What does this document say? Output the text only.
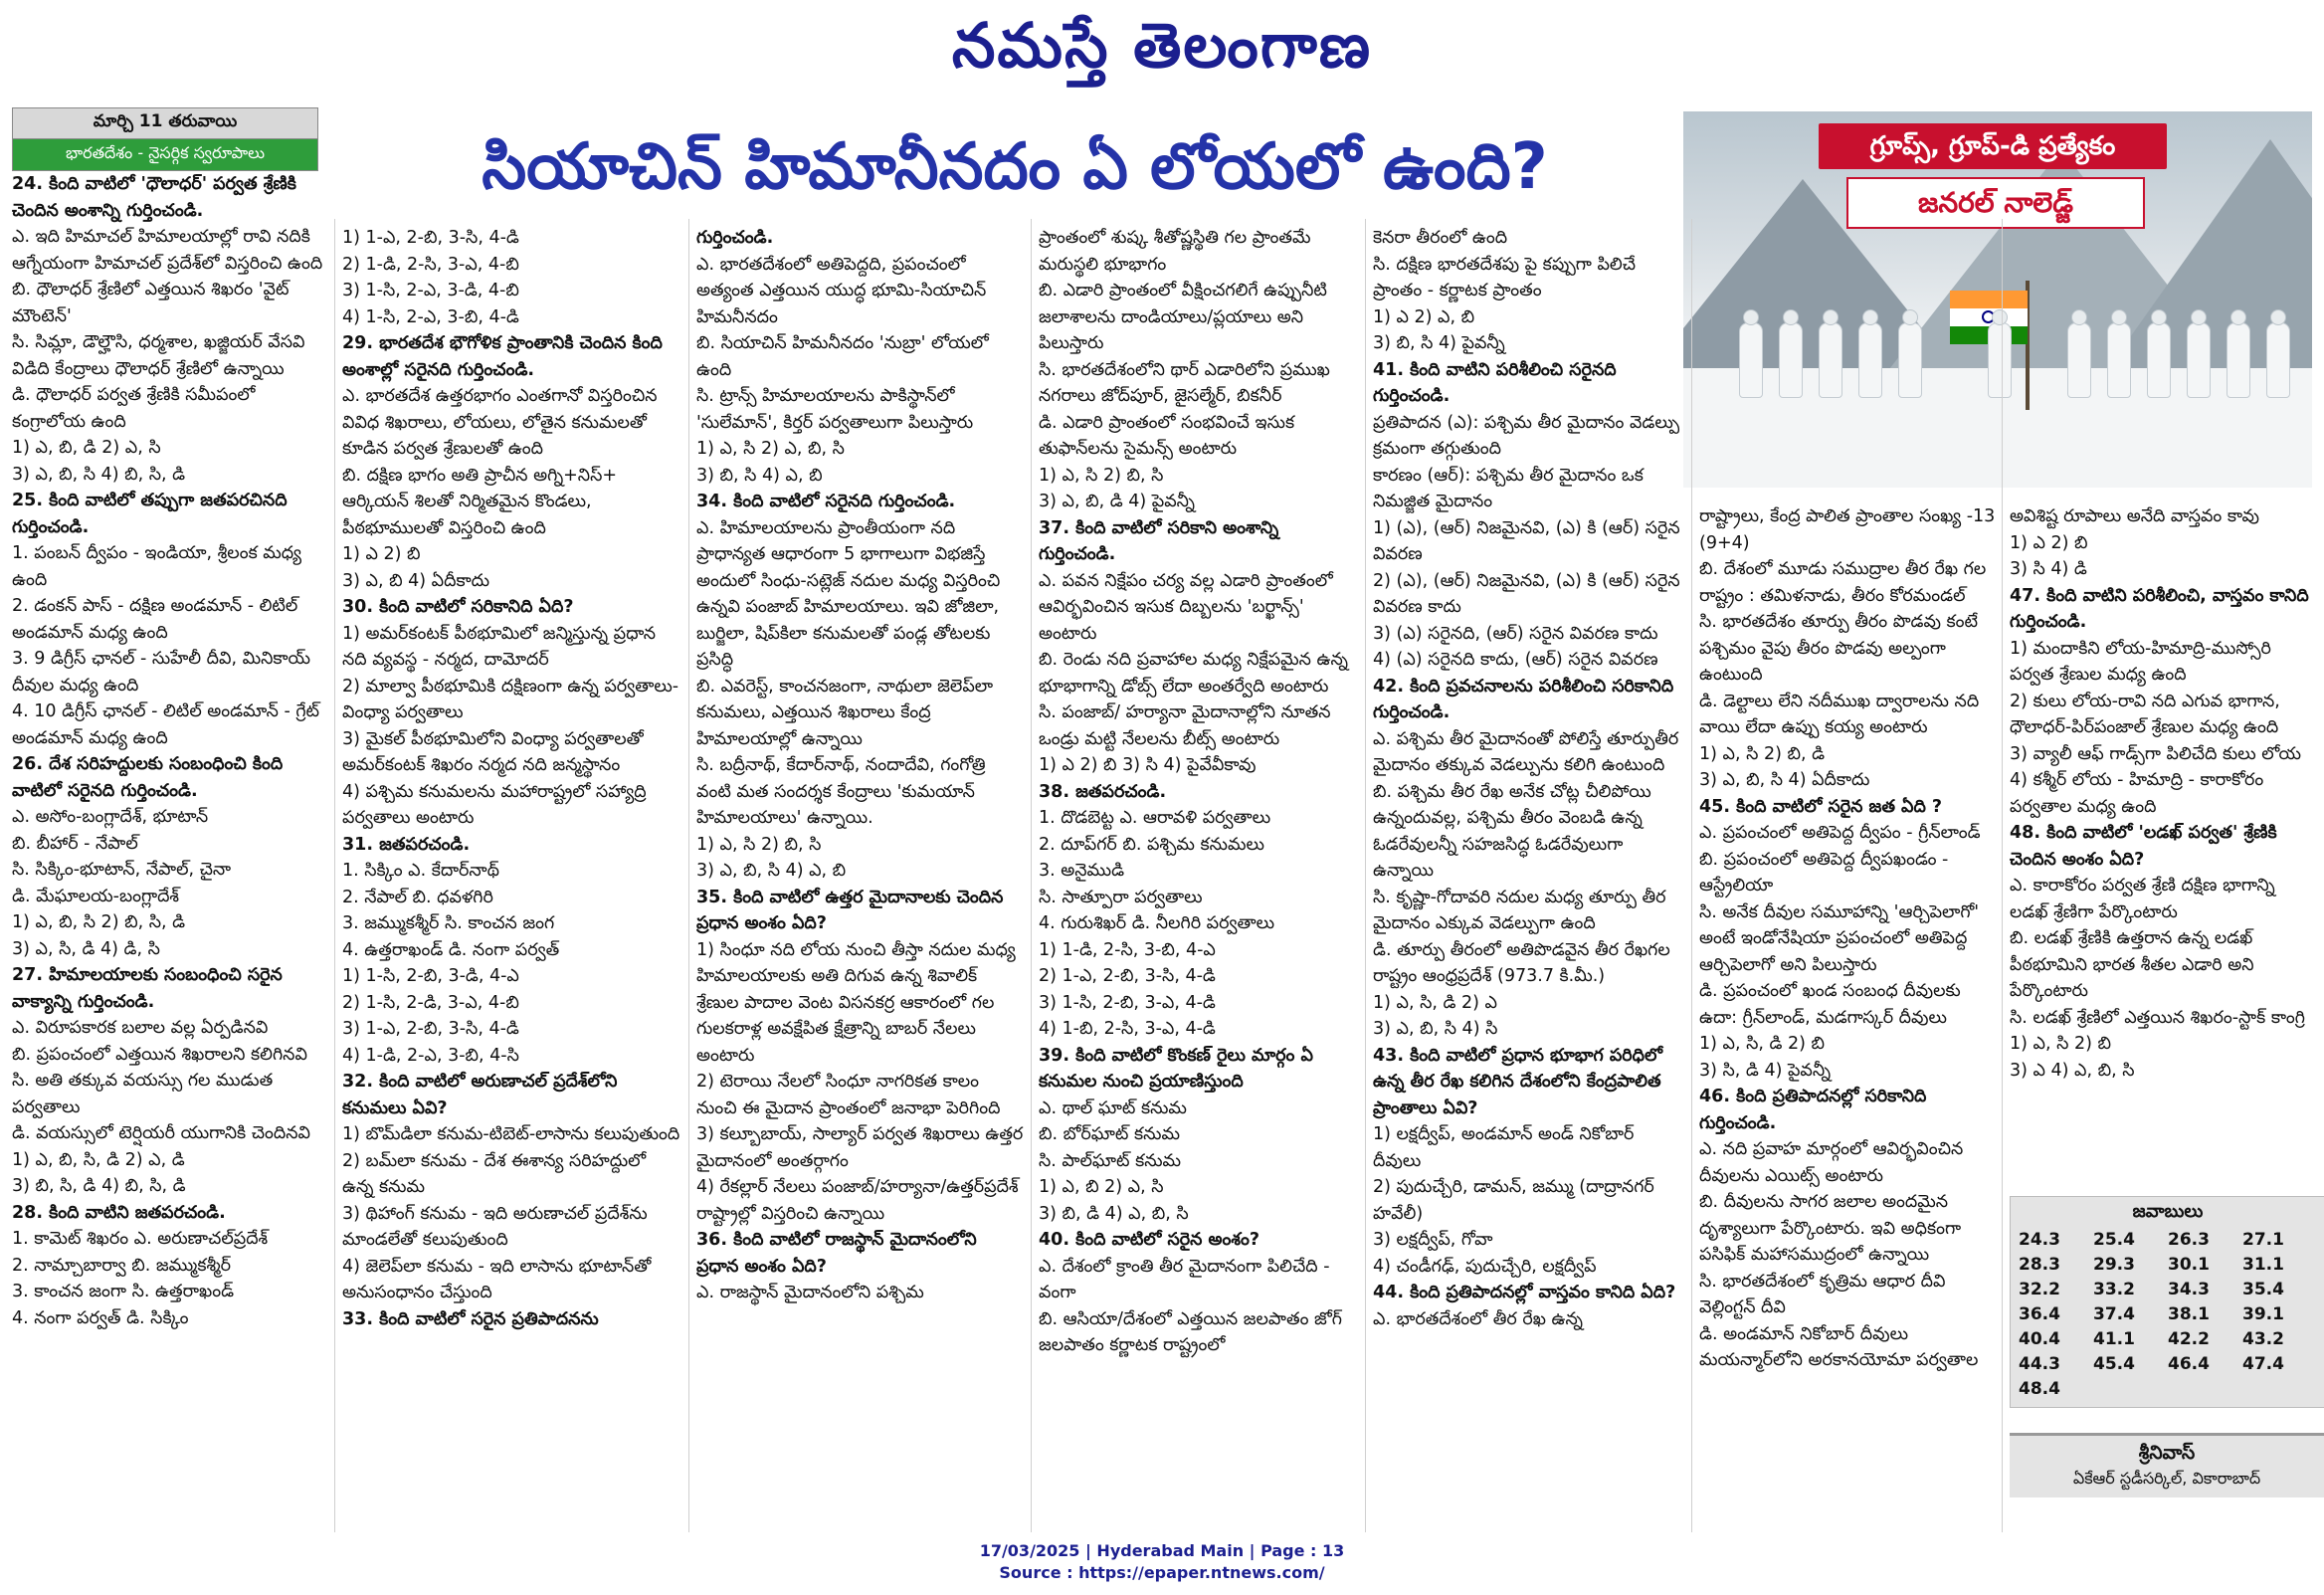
నమస్తే తెలంగాణ
మార్చి 11 తరువాయి
భారతదేశం - నైసర్గిక స్వరూపాలు	సియాచిన్ హిమానీనదం ఏ లోయలో ఉంది?	గ్రూప్స్, గ్రూప్-డి ప్రత్యేకం
జనరల్ నాలెడ్జ్

24. కింది వాటిలో 'ధౌలాధర్' పర్వత శ్రేణికి చెందిన అంశాన్ని గుర్తించండి.

ఎ. ఇది హిమాచల్ హిమాలయాల్లో రావి నదికి ఆగ్నేయంగా హిమాచల్ ప్రదేశ్‌లో విస్తరించి ఉంది

బి. ధౌలాధర్ శ్రేణిలో ఎత్తయిన శిఖరం 'వైట్ మౌంటెన్'

సి. సిమ్లా, డౌల్హౌసి, ధర్మశాల, ఖజ్జియర్ వేసవి విడిది కేంద్రాలు ధౌలాధర్ శ్రేణిలో ఉన్నాయి

డి. ధౌలాధర్ పర్వత శ్రేణికి సమీపంలో కంగ్రాలోయ ఉంది

1) ఎ, బి, డి 2) ఎ, సి

3) ఎ, బి, సి 4) బి, సి, డి

25. కింది వాటిలో తప్పుగా జతపరచినది గుర్తించండి.

1. పంబన్ ద్వీపం - ఇండియా, శ్రీలంక మధ్య ఉంది

2. డంకన్ పాస్ - దక్షిణ అండమాన్ - లిటిల్ అండమాన్ మధ్య ఉంది

3. 9 డిగ్రీస్ ఛానల్ - సుహేలీ దీవి, మినికాయ్ దీవుల మధ్య ఉంది

4. 10 డిగ్రీస్ ఛానల్ - లిటిల్ అండమాన్ - గ్రేట్ అండమాన్ మధ్య ఉంది

26. దేశ సరిహద్దులకు సంబంధించి కింది వాటిలో సరైనది గుర్తించండి.

ఎ. అసోం-బంగ్లాదేశ్, భూటాన్

బి. బీహార్ - నేపాల్

సి. సిక్కిం-భూటాన్, నేపాల్, చైనా

డి. మేఘాలయ-బంగ్లాదేశ్

1) ఎ, బి, సి 2) బి, సి, డి

3) ఎ, సి, డి 4) డి, సి

27. హిమాలయాలకు సంబంధించి సరైన వాక్యాన్ని గుర్తించండి.

ఎ. విరూపకారక బలాల వల్ల ఏర్పడినవి

బి. ప్రపంచంలో ఎత్తయిన శిఖరాలని కలిగినవి

సి. అతి తక్కువ వయస్సు గల ముడుత పర్వతాలు

డి. వయస్సులో టెర్షియరీ యుగానికి చెందినవి

1) ఎ, బి, సి, డి 2) ఎ, డి

3) బి, సి, డి 4) బి, సి, డి

28. కింది వాటిని జతపరచండి.

1. కామెట్ శిఖరం ఎ. అరుణాచల్‌ప్రదేశ్

2. నామ్చాబార్వా బి. జమ్ముకశ్మీర్

3. కాంచన జంగా సి. ఉత్తరాఖండ్

4. నంగా పర్వత్ డి. సిక్కిం

1) 1-ఎ, 2-బి, 3-సి, 4-డి

2) 1-డి, 2-సి, 3-ఎ, 4-బి

3) 1-సి, 2-ఎ, 3-డి, 4-బి

4) 1-సి, 2-ఎ, 3-బి, 4-డి

29. భారతదేశ భౌగోళిక ప్రాంతానికి చెందిన కింది అంశాల్లో సరైనది గుర్తించండి.

ఎ. భారతదేశ ఉత్తరభాగం ఎంతగానో విస్తరించిన వివిధ శిఖరాలు, లోయలు, లోతైన కనుమలతో కూడిన పర్వత శ్రేణులతో ఉంది

బి. దక్షిణ భాగం అతి ప్రాచీన అగ్ని+నిస్+ ఆర్కియన్ శిలతో నిర్మితమైన కొండలు, పీఠభూములతో విస్తరించి ఉంది

1) ఎ 2) బి

3) ఎ, బి 4) ఏదీకాదు

30. కింది వాటిలో సరికానిది ఏది?

1) అమర్‌కంటక్ పీఠభూమిలో జన్మిస్తున్న ప్రధాన నది వ్యవస్థ - నర్మద, దామోదర్

2) మాల్వా పీఠభూమికి దక్షిణంగా ఉన్న పర్వతాలు- వింధ్యా పర్వతాలు

3) మైకల్ పీఠభూమిలోని వింధ్యా పర్వతాలతో అమర్‌కంటక్ శిఖరం నర్మద నది జన్మస్థానం

4) పశ్చిమ కనుమలను మహారాష్ట్రలో సహ్యాద్రి పర్వతాలు అంటారు

31. జతపరచండి.

1. సిక్కిం ఎ. కేదార్‌నాథ్

2. నేపాల్ బి. ధవళగిరి

3. జమ్ముకశ్మీర్ సి. కాంచన జంగ

4. ఉత్తరాఖండ్ డి. నంగా పర్వత్

1) 1-సి, 2-బి, 3-డి, 4-ఎ

2) 1-సి, 2-డి, 3-ఎ, 4-బి

3) 1-ఎ, 2-బి, 3-సి, 4-డి

4) 1-డి, 2-ఎ, 3-బి, 4-సి

32. కింది వాటిలో అరుణాచల్ ప్రదేశ్‌లోని కనుమలు ఏవి?

1) బొమ్‌డిలా కనుమ-టిబెట్-లాసాను కలుపుతుంది

2) బమ్‌లా కనుమ - దేశ ఈశాన్య సరిహద్దులో ఉన్న కనుమ

3) థిహాంగ్ కనుమ - ఇది అరుణాచల్ ప్రదేశ్‌ను మాండలేతో కలుపుతుంది

4) జెలెప్‌లా కనుమ - ఇది లాసాను భూటాన్‌తో అనుసంధానం చేస్తుంది

33. కింది వాటిలో సరైన ప్రతిపాదనను

గుర్తించండి.

ఎ. భారతదేశంలో అతిపెద్దది, ప్రపంచంలో అత్యంత ఎత్తయిన యుద్ధ భూమి-సియాచిన్ హిమనీనదం

బి. సియాచిన్ హిమనీనదం 'నుబ్రా' లోయలో ఉంది

సి. ట్రాన్స్ హిమాలయాలను పాకిస్థాన్‌లో 'సులేమాన్', కిర్తర్ పర్వతాలుగా పిలుస్తారు

1) ఎ, సి 2) ఎ, బి, సి

3) బి, సి 4) ఎ, బి

34. కింది వాటిలో సరైనది గుర్తించండి.

ఎ. హిమాలయాలను ప్రాంతీయంగా నది ప్రాధాన్యత ఆధారంగా 5 భాగాలుగా విభజిస్తే అందులో సింధు-సట్లెజ్ నదుల మధ్య విస్తరించి ఉన్నవి పంజాబ్ హిమాలయాలు. ఇవి జోజిలా, బుర్జిలా, షిప్‌కిలా కనుమలతో పండ్ల తోటలకు ప్రసిద్ధి

బి. ఎవరెస్ట్, కాంచనజంగా, నాథులా జెలెప్‌లా కనుమలు, ఎత్తయిన శిఖరాలు కేంద్ర హిమాలయాల్లో ఉన్నాయి

సి. బద్రీనాథ్, కేదార్‌నాథ్, నందాదేవి, గంగోత్రి వంటి మత సందర్శక కేంద్రాలు 'కుమయాన్ హిమాలయాలు' ఉన్నాయి.

1) ఎ, సి 2) బి, సి

3) ఎ, బి, సి 4) ఎ, బి

35. కింది వాటిలో ఉత్తర మైదానాలకు చెందిన ప్రధాన అంశం ఏది?

1) సింధూ నది లోయ నుంచి తీస్తా నదుల మధ్య హిమాలయాలకు అతి దిగువ ఉన్న శివాలిక్ శ్రేణుల పాదాల వెంట విసనకర్ర ఆకారంలో గల గులకరాళ్ల అవక్షేపిత క్షేత్రాన్ని బాబర్ నేలలు అంటారు

2) టెరాయి నేలలో సింధూ నాగరికత కాలం నుంచి ఈ మైదాన ప్రాంతంలో జనాభా పెరిగింది

3) కల్బూబాయ్, సాల్యార్ పర్వత శిఖరాలు ఉత్తర మైదానంలో అంతర్గాగం

4) రేకల్లార్ నేలలు పంజాబ్/హర్యానా/ఉత్తర్‌ప్రదేశ్ రాష్ట్రాల్లో విస్తరించి ఉన్నాయి

36. కింది వాటిలో రాజస్థాన్ మైదానంలోని ప్రధాన అంశం ఏది?

ఎ. రాజస్థాన్ మైదానంలోని పశ్చిమ

ప్రాంతంలో శుష్క శీతోష్ణస్థితి గల ప్రాంతమే మరుస్థలి భూభాగం

బి. ఎడారి ప్రాంతంలో వీక్షించగలిగే ఉప్పునీటి జలాశాలను దాండియాలు/ప్లయాలు అని పిలుస్తారు

సి. భారతదేశంలోని థార్ ఎడారిలోని ప్రముఖ నగరాలు జోద్‌పూర్, జైసల్మేర్, బికనీర్

డి. ఎడారి ప్రాంతంలో సంభవించే ఇసుక తుఫాన్‌లను సైమన్స్ అంటారు

1) ఎ, సి 2) బి, సి

3) ఎ, బి, డి 4) పైవన్నీ

37. కింది వాటిలో సరికాని అంశాన్ని గుర్తించండి.

ఎ. పవన నిక్షేపం చర్య వల్ల ఎడారి ప్రాంతంలో ఆవిర్భవించిన ఇసుక దిబ్బలను 'బర్ఖాన్స్' అంటారు

బి. రెండు నది ప్రవాహాల మధ్య నిక్షేపమైన ఉన్న భూభాగాన్ని డోబ్స్ లేదా అంతర్వేది అంటారు

సి. పంజాబ్/ హర్యానా మైదానాల్లోని నూతన ఒండ్రు మట్టి నేలలను బీట్స్ అంటారు

1) ఎ 2) బి 3) సి 4) పైవేవీకావు

38. జతపరచండి.

1. దొడబెట్ట ఎ. ఆరావళి పర్వతాలు

2. దూప్‌గర్ బి. పశ్చిమ కనుమలు

3. అనైముడి

సి. సాత్పూరా పర్వతాలు

4. గురుశిఖర్ డి. నీలగిరి పర్వతాలు

1) 1-డి, 2-సి, 3-బి, 4-ఎ

2) 1-ఎ, 2-బి, 3-సి, 4-డి

3) 1-సి, 2-బి, 3-ఎ, 4-డి

4) 1-బి, 2-సి, 3-ఎ, 4-డి

39. కింది వాటిలో కొంకణ్ రైలు మార్గం ఏ కనుమల నుంచి ప్రయాణిస్తుంది

ఎ. థాల్ ఘాట్ కనుమ

బి. బోర్‌ఘాట్ కనుమ

సి. పాల్‌ఘాట్ కనుమ

1) ఎ, బి 2) ఎ, సి

3) బి, డి 4) ఎ, బి, సి

40. కింది వాటిలో సరైన అంశం?

ఎ. దేశంలో క్రాంతి తీర మైదానంగా పిలిచేది - వంగా

బి. ఆసియా/దేశంలో ఎత్తయిన జలపాతం జోగ్ జలపాతం కర్ణాటక రాష్ట్రంలో

కెనరా తీరంలో ఉంది

సి. దక్షిణ భారతదేశపు పై కప్పుగా పిలిచే ప్రాంతం - కర్ణాటక ప్రాంతం

1) ఎ 2) ఎ, బి

3) బి, సి 4) పైవన్నీ

41. కింది వాటిని పరిశీలించి సరైనది గుర్తించండి.

ప్రతిపాదన (ఎ): పశ్చిమ తీర మైదానం వెడల్పు క్రమంగా తగ్గుతుంది

కారణం (ఆర్): పశ్చిమ తీర మైదానం ఒక నిమజ్జిత మైదానం

1) (ఎ), (ఆర్) నిజమైనవి, (ఎ) కి (ఆర్) సరైన వివరణ

2) (ఎ), (ఆర్) నిజమైనవి, (ఎ) కి (ఆర్) సరైన వివరణ కాదు

3) (ఎ) సరైనది, (ఆర్) సరైన వివరణ కాదు

4) (ఎ) సరైనది కాదు, (ఆర్) సరైన వివరణ

42. కింది ప్రవచనాలను పరిశీలించి సరికానిది గుర్తించండి.

ఎ. పశ్చిమ తీర మైదానంతో పోలిస్తే తూర్పుతీర మైదానం తక్కువ వెడల్పును కలిగి ఉంటుంది

బి. పశ్చిమ తీర రేఖ అనేక చోట్ల చీలిపోయి ఉన్నందువల్ల, పశ్చిమ తీరం వెంబడి ఉన్న ఓడరేవులన్నీ సహజసిద్ధ ఓడరేవులుగా ఉన్నాయి

సి. కృష్ణా-గోదావరి నదుల మధ్య తూర్పు తీర మైదానం ఎక్కువ వెడల్పుగా ఉంది

డి. తూర్పు తీరంలో అతిపొడవైన తీర రేఖగల రాష్ట్రం ఆంధ్రప్రదేశ్ (973.7 కి.మీ.)

1) ఎ, సి, డి 2) ఎ

3) ఎ, బి, సి 4) సి

43. కింది వాటిలో ప్రధాన భూభాగ పరిధిలో ఉన్న తీర రేఖ కలిగిన దేశంలోని కేంద్రపాలిత ప్రాంతాలు ఏవి?

1) లక్షద్వీప్, అండమాన్ అండ్ నికోబార్ దీవులు

2) పుదుచ్చేరి, డామన్, జమ్ము (దాద్రానగర్ హవేలీ)

3) లక్షద్వీప్, గోవా

4) చండీగఢ్, పుదుచ్చేరి, లక్షద్వీప్

44. కింది ప్రతిపాదనల్లో వాస్తవం కానిది ఏది?

ఎ. భారతదేశంలో తీర రేఖ ఉన్న

రాష్ట్రాలు, కేంద్ర పాలిత ప్రాంతాల సంఖ్య -13 (9+4)

బి. దేశంలో మూడు సముద్రాల తీర రేఖ గల రాష్ట్రం : తమిళనాడు, తీరం కోరమండల్

సి. భారతదేశం తూర్పు తీరం పొడవు కంటే పశ్చిమం వైపు తీరం పొడవు అల్పంగా ఉంటుంది

డి. డెల్టాలు లేని నదీముఖ ద్వారాలను నది వాయి లేదా ఉప్పు కయ్య అంటారు

1) ఎ, సి 2) బి, డి

3) ఎ, బి, సి 4) ఏదీకాదు

45. కింది వాటిలో సరైన జత ఏది ?

ఎ. ప్రపంచంలో అతిపెద్ద ద్వీపం - గ్రీన్‌లాండ్

బి. ప్రపంచంలో అతిపెద్ద ద్వీపఖండం - ఆస్ట్రేలియా

సి. అనేక దీవుల సమూహాన్ని 'ఆర్చిపెలాగో' అంటే ఇండోనేషియా ప్రపంచంలో అతిపెద్ద ఆర్చిపెలాగో అని పిలుస్తారు

డి. ప్రపంచంలో ఖండ సంబంధ దీవులకు ఉదా: గ్రీన్‌లాండ్, మడగాస్కర్ దీవులు

1) ఎ, సి, డి 2) బి

3) సి, డి 4) పైవన్నీ

46. కింది ప్రతిపాదనల్లో సరికానిది గుర్తించండి.

ఎ. నది ప్రవాహ మార్గంలో ఆవిర్భవించిన దీవులను ఎయిట్స్ అంటారు

బి. దీవులను సాగర జలాల అందమైన దృశ్యాలుగా పేర్కొంటారు. ఇవి అధికంగా పసిఫిక్ మహాసముద్రంలో ఉన్నాయి

సి. భారతదేశంలో కృత్రిమ ఆధార దీవి వెల్లింగ్టన్ దీవి

డి. అండమాన్ నికోబార్ దీవులు మయన్మార్‌లోని అరకానయోమా పర్వతాల

అవిశిష్ట రూపాలు అనేది వాస్తవం కావు

1) ఎ 2) బి

3) సి 4) డి

47. కింది వాటిని పరిశీలించి, వాస్తవం కానిది గుర్తించండి.

1) మందాకిని లోయ-హిమాద్రి-ముస్సోరి పర్వత శ్రేణుల మధ్య ఉంది

2) కులు లోయ-రావి నది ఎగువ భాగాన, ధౌలాధర్-పిర్‌పంజాల్ శ్రేణుల మధ్య ఉంది

3) వ్యాలీ ఆఫ్ గాడ్స్‌గా పిలిచేది కులు లోయ

4) కశ్మీర్ లోయ - హిమాద్రి - కారాకోరం పర్వతాల మధ్య ఉంది

48. కింది వాటిలో 'లడఖ్ పర్వత' శ్రేణికి చెందిన అంశం ఏది?

ఎ. కారాకోరం పర్వత శ్రేణి దక్షిణ భాగాన్ని లడఖ్ శ్రేణిగా పేర్కొంటారు

బి. లడఖ్ శ్రేణికి ఉత్తరాన ఉన్న లడఖ్ పీఠభూమిని భారత శీతల ఎడారి అని పేర్కొంటారు

సి. లడఖ్ శ్రేణిలో ఎత్తయిన శిఖరం-స్టాక్ కాంగ్రి

1) ఎ, సి 2) బి

3) ఎ 4) ఎ, బి, సి

జవాబులు
24.3	25.4	26.3	27.1
28.3	29.3	30.1	31.1
32.2	33.2	34.3	35.4
36.4	37.4	38.1	39.1
40.4	41.1	42.2	43.2
44.3	45.4	46.4	47.4
48.4
శ్రీనివాస్
ఏకేఆర్ స్టడీసర్కిల్, వికారాబాద్
17/03/2025 | Hyderabad Main | Page : 13
Source : https://epaper.ntnews.com/
